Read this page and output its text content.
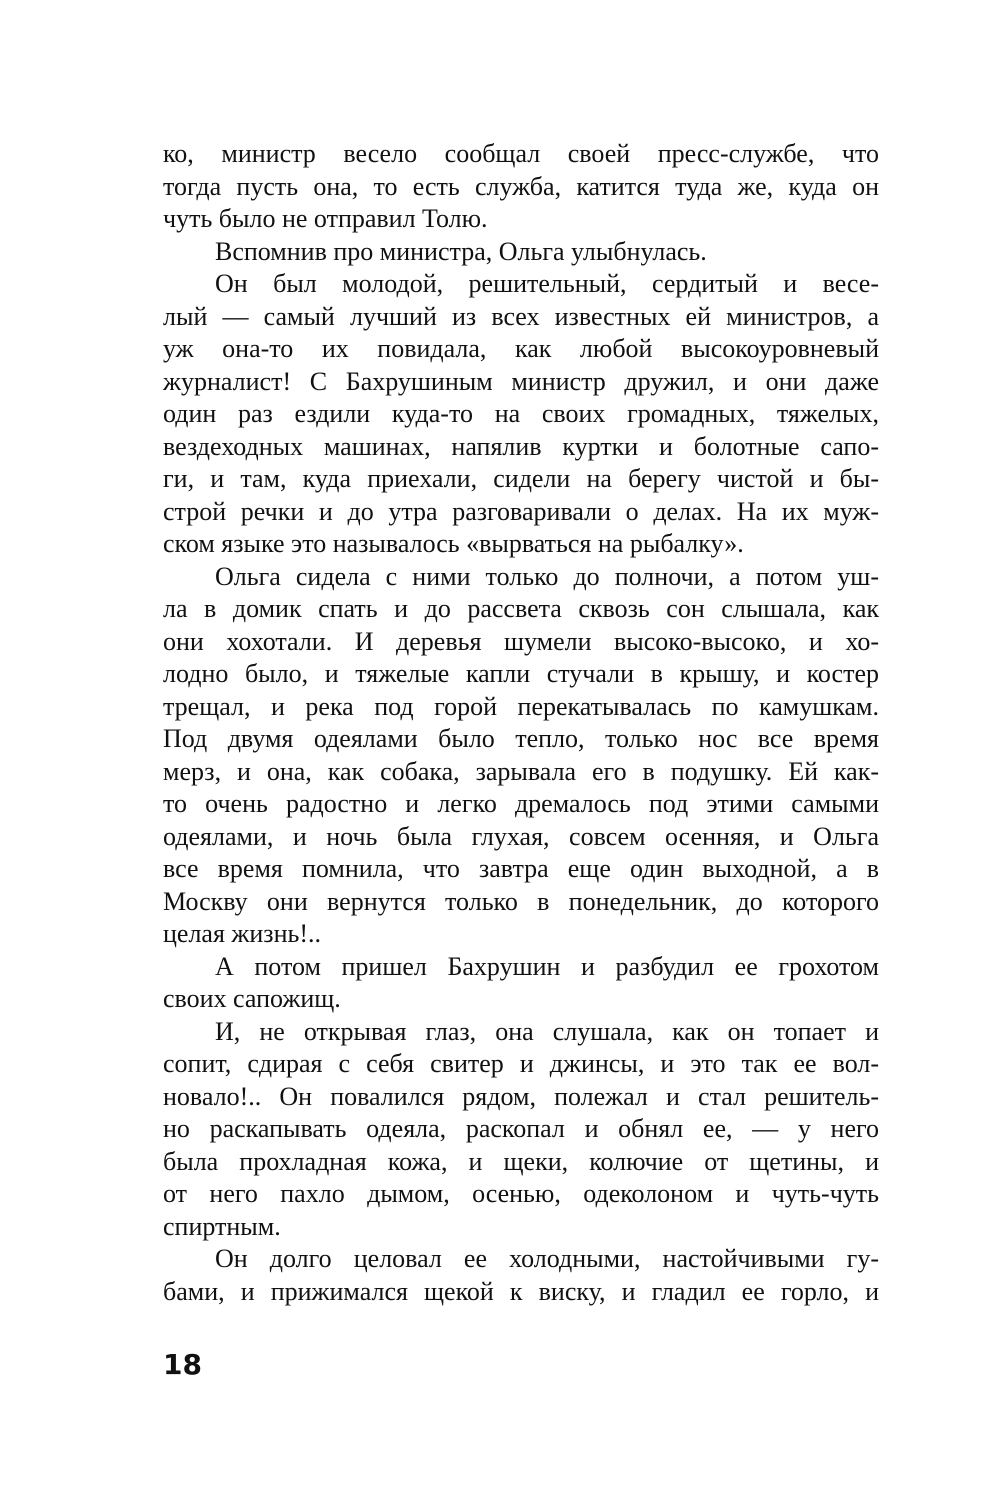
ко, министр весело сообщал своей пресс-службе, что
тогда пусть она, то есть служба, катится туда же, куда он
чуть было не отправил Толю.
Вспомнив про министра, Ольга улыбнулась.
Он был молодой, решительный, сердитый и весе-
лый — самый лучший из всех известных ей министров, а
уж она-то их повидала, как любой высокоуровневый
журналист! С Бахрушиным министр дружил, и они даже
один раз ездили куда-то на своих громадных, тяжелых,
вездеходных машинах, напялив куртки и болотные сапо-
ги, и там, куда приехали, сидели на берегу чистой и бы-
строй речки и до утра разговаривали о делах. На их муж-
ском языке это называлось «вырваться на рыбалку».
Ольга сидела с ними только до полночи, а потом уш-
ла в домик спать и до рассвета сквозь сон слышала, как
они хохотали. И деревья шумели высоко-высоко, и хо-
лодно было, и тяжелые капли стучали в крышу, и костер
трещал, и река под горой перекатывалась по камушкам.
Под двумя одеялами было тепло, только нос все время
мерз, и она, как собака, зарывала его в подушку. Ей как-
то очень радостно и легко дремалось под этими самыми
одеялами, и ночь была глухая, совсем осенняя, и Ольга
все время помнила, что завтра еще один выходной, а в
Москву они вернутся только в понедельник, до которого
целая жизнь!..
А потом пришел Бахрушин и разбудил ее грохотом
своих сапожищ.
И, не открывая глаз, она слушала, как он топает и
сопит, сдирая с себя свитер и джинсы, и это так ее вол-
новало!.. Он повалился рядом, полежал и стал решитель-
но раскапывать одеяла, раскопал и обнял ее, — у него
была прохладная кожа, и щеки, колючие от щетины, и
от него пахло дымом, осенью, одеколоном и чуть-чуть
спиртным.
Он долго целовал ее холодными, настойчивыми гу-
бами, и прижимался щекой к виску, и гладил ее горло, и
18
